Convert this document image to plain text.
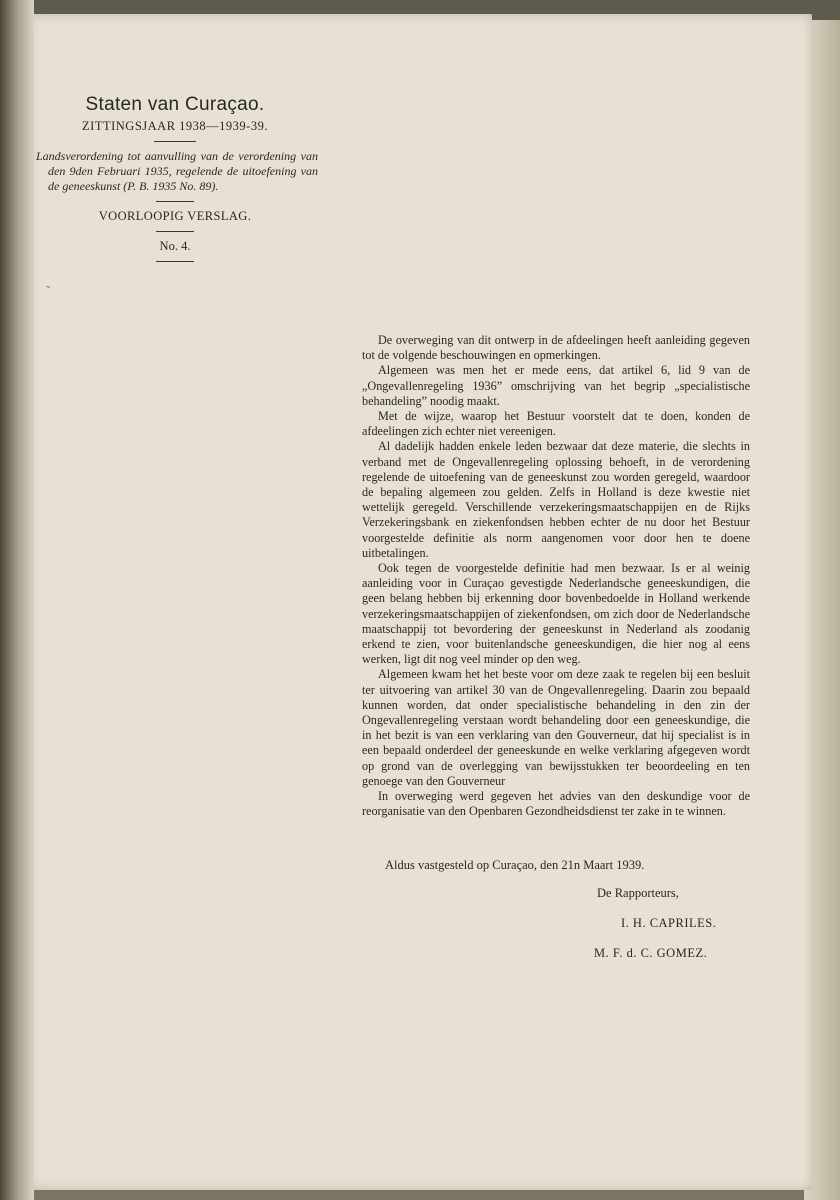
Staten van Curaçao.
ZITTINGSJAAR 1938—1939-39.
Landsverordening tot aanvulling van de verordening van den 9den Februari 1935, regelende de uitoefening van de geneeskunst (P. B. 1935 No. 89).
VOORLOOPIG VERSLAG.
No. 4.
˜

De overweging van dit ontwerp in de afdeelingen heeft aanleiding gegeven tot de volgende beschouwingen en opmerkingen.

Algemeen was men het er mede eens, dat artikel 6, lid 9 van de „Ongevallenregeling 1936” omschrijving van het begrip „specialistische behandeling” noodig maakt.

Met de wijze, waarop het Bestuur voorstelt dat te doen, konden de afdeelingen zich echter niet vereenigen.

Al dadelijk hadden enkele leden bezwaar dat deze materie, die slechts in verband met de Ongevallenregeling oplossing behoeft, in de verordening regelende de uitoefening van de geneeskunst zou worden geregeld, waardoor de bepaling algemeen zou gelden. Zelfs in Holland is deze kwestie niet wettelijk geregeld. Verschillende verzekeringsmaatschappijen en de Rijks Verzekeringsbank en ziekenfondsen hebben echter de nu door het Bestuur voorgestelde definitie als norm aangenomen voor door hen te doene uitbetalingen.

Ook tegen de voorgestelde definitie had men bezwaar. Is er al weinig aanleiding voor in Curaçao gevestigde Nederlandsche geneeskundigen, die geen belang hebben bij erkenning door bovenbedoelde in Holland werkende verzekeringsmaatschappijen of ziekenfondsen, om zich door de Nederlandsche maatschappij tot bevordering der geneeskunst in Nederland als zoodanig erkend te zien, voor buitenlandsche geneeskundigen, die hier nog al eens werken, ligt dit nog veel minder op den weg.

Algemeen kwam het het beste voor om deze zaak te regelen bij een besluit ter uitvoering van artikel 30 van de Ongevallenregeling. Daarin zou bepaald kunnen worden, dat onder specialistische behandeling in den zin der Ongevallenregeling verstaan wordt behandeling door een geneeskundige, die in het bezit is van een verklaring van den Gouverneur, dat hij specialist is in een bepaald onderdeel der geneeskunde en welke verklaring afgegeven wordt op grond van de overlegging van bewijsstukken ter beoordeeling en ten genoege van den Gouverneur

In overweging werd gegeven het advies van den deskundige voor de reorganisatie van den Openbaren Gezondheidsdienst ter zake in te winnen.

Aldus vastgesteld op Curaçao, den 21n Maart 1939.
De Rapporteurs,
I. H. CAPRILES.
M. F. d. C. GOMEZ.
